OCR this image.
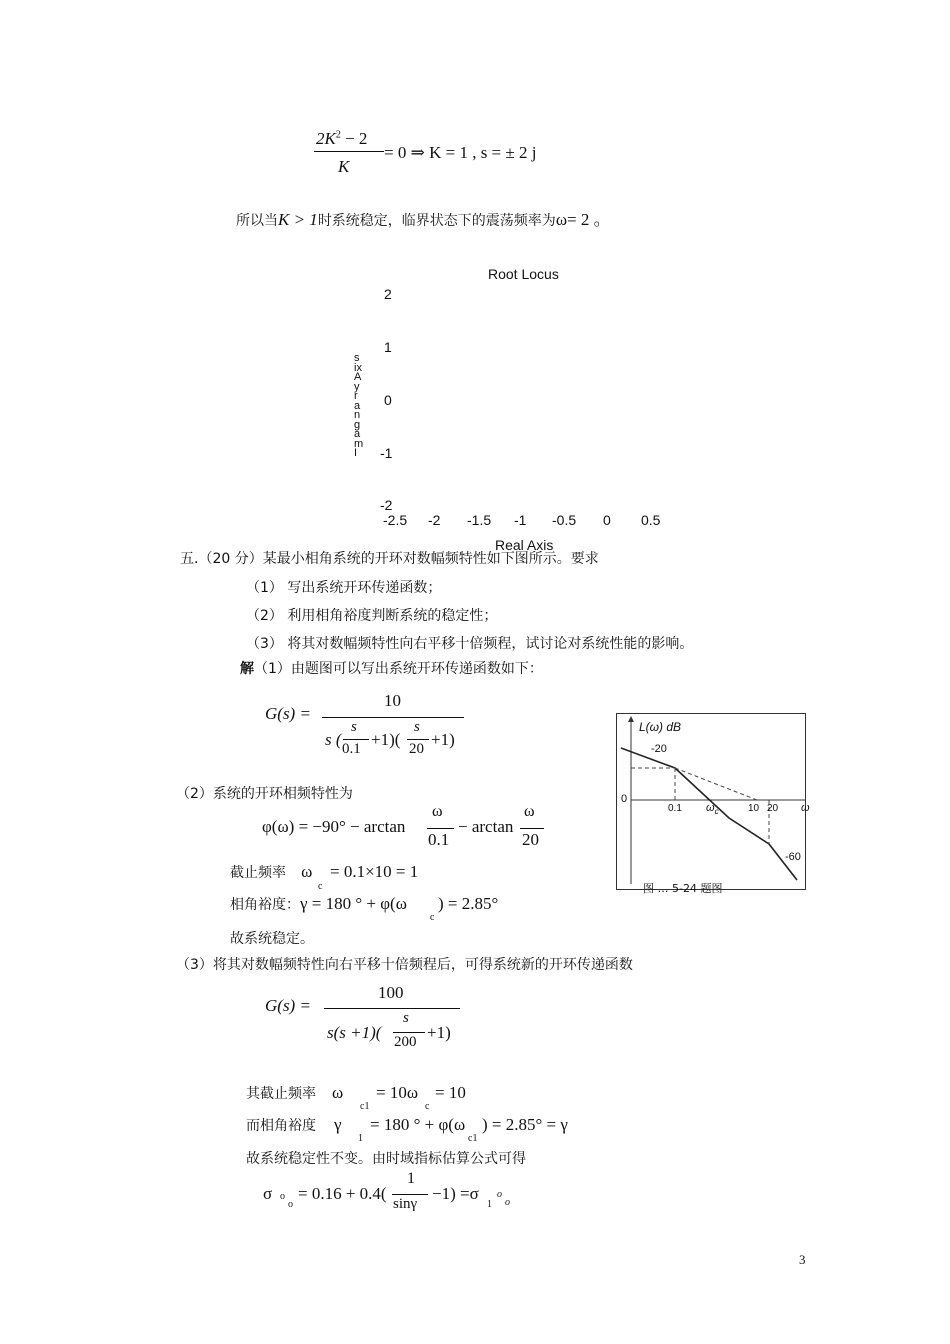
$2K^2 - 2$
K
= 0 ⇒ K = 1 , s = ± 2 j
所以当K > 1时系统稳定，临界状态下的震荡频率为ω= 2 。
Root Locus
2
1
0
-1
-2
s
ix
A
y
r
a
n
g
a
m
I
-2.5 -2 -1.5 -1 -0.5 0 0.5
Real Axis
五.（20 分）某最小相角系统的开环对数幅频特性如下图所示。要求
（1） 写出系统开环传递函数；
（2） 利用相角裕度判断系统的稳定性；
（3） 将其对数幅频特性向右平移十倍频程，试讨论对系统性能的影响。
解（1）由题图可以写出系统开环传递函数如下：
G(s) =
10
s (
s
0.1 +1)(
s
20 +1)
L(ω) dB
-20
0
0.1 $\omega_c$	10 20 ω
-60
图 … 5-24 题图
（2）系统的开环相频特性为
φ(ω) = −90° − arctan
ω
0.1
− arctan
ω
20
截止频率 ω
c
= 0.1×10 = 1
相角裕度：γ = 180 ° + φ(ω
c
) = 2.85°
故系统稳定。
（3）将其对数幅频特性向右平移十倍频程后，可得系统新的开环传递函数
G(s) =
100
s(s +1)(
s
200 +1)
其截止频率 ω
c1
= 10ω
c
= 10
而相角裕度 γ
1
= 180 ° + φ(ω
c1
) = 2.85° = γ
故系统稳定性不变。由时域指标估算公式可得
σ o
o
= 0.16 + 0.4(
1
sinγ
−1) =σ
1
o
o
3
